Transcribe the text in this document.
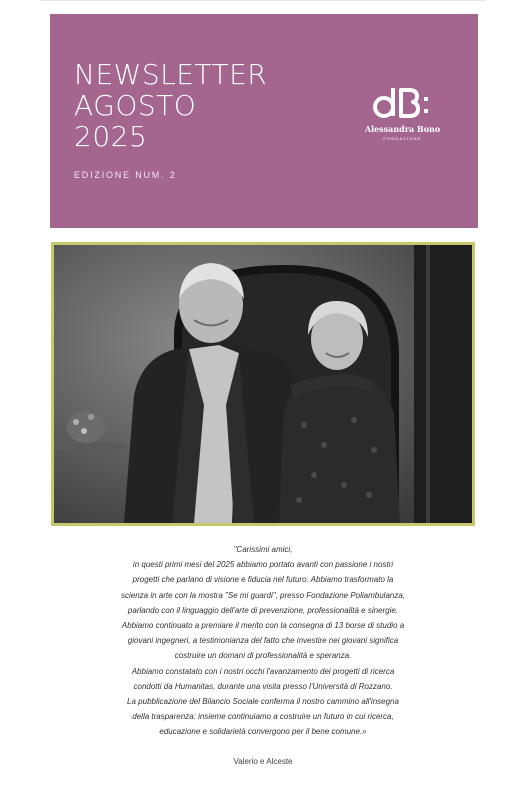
NEWSLETTER
AGOSTO
2025
EDIZIONE NUM. 2
Alessandra Bono
FONDAZIONE

"Carissimi amici,

in questi primi mesi del 2025 abbiamo portato avanti con passione i nostri

progetti che parlano di visione e fiducia nel futuro. Abbiamo trasformato la

scienza in arte con la mostra "Se mi guardi", presso Fondazione Poliambulanza,

parlando con il linguaggio dell'arte di prevenzione, professionalità e sinergie.

Abbiamo continuato a premiare il merito con la consegna di 13 borse di studio a

giovani ingegneri, a testimonianza del fatto che investire nei giovani significa

costruire un domani di professionalità e speranza.

Abbiamo constatato con i nostri occhi l'avanzamento dei progetti di ricerca

condotti da Humanitas, durante una visita presso l'Università di Rozzano.

La pubblicazione del Bilancio Sociale conferma il nostro cammino all'insegna

della trasparenza: insieme continuiamo a costruire un futuro in cui ricerca,

educazione e solidarietà convergono per il bene comune.»

Valerio e Alceste
